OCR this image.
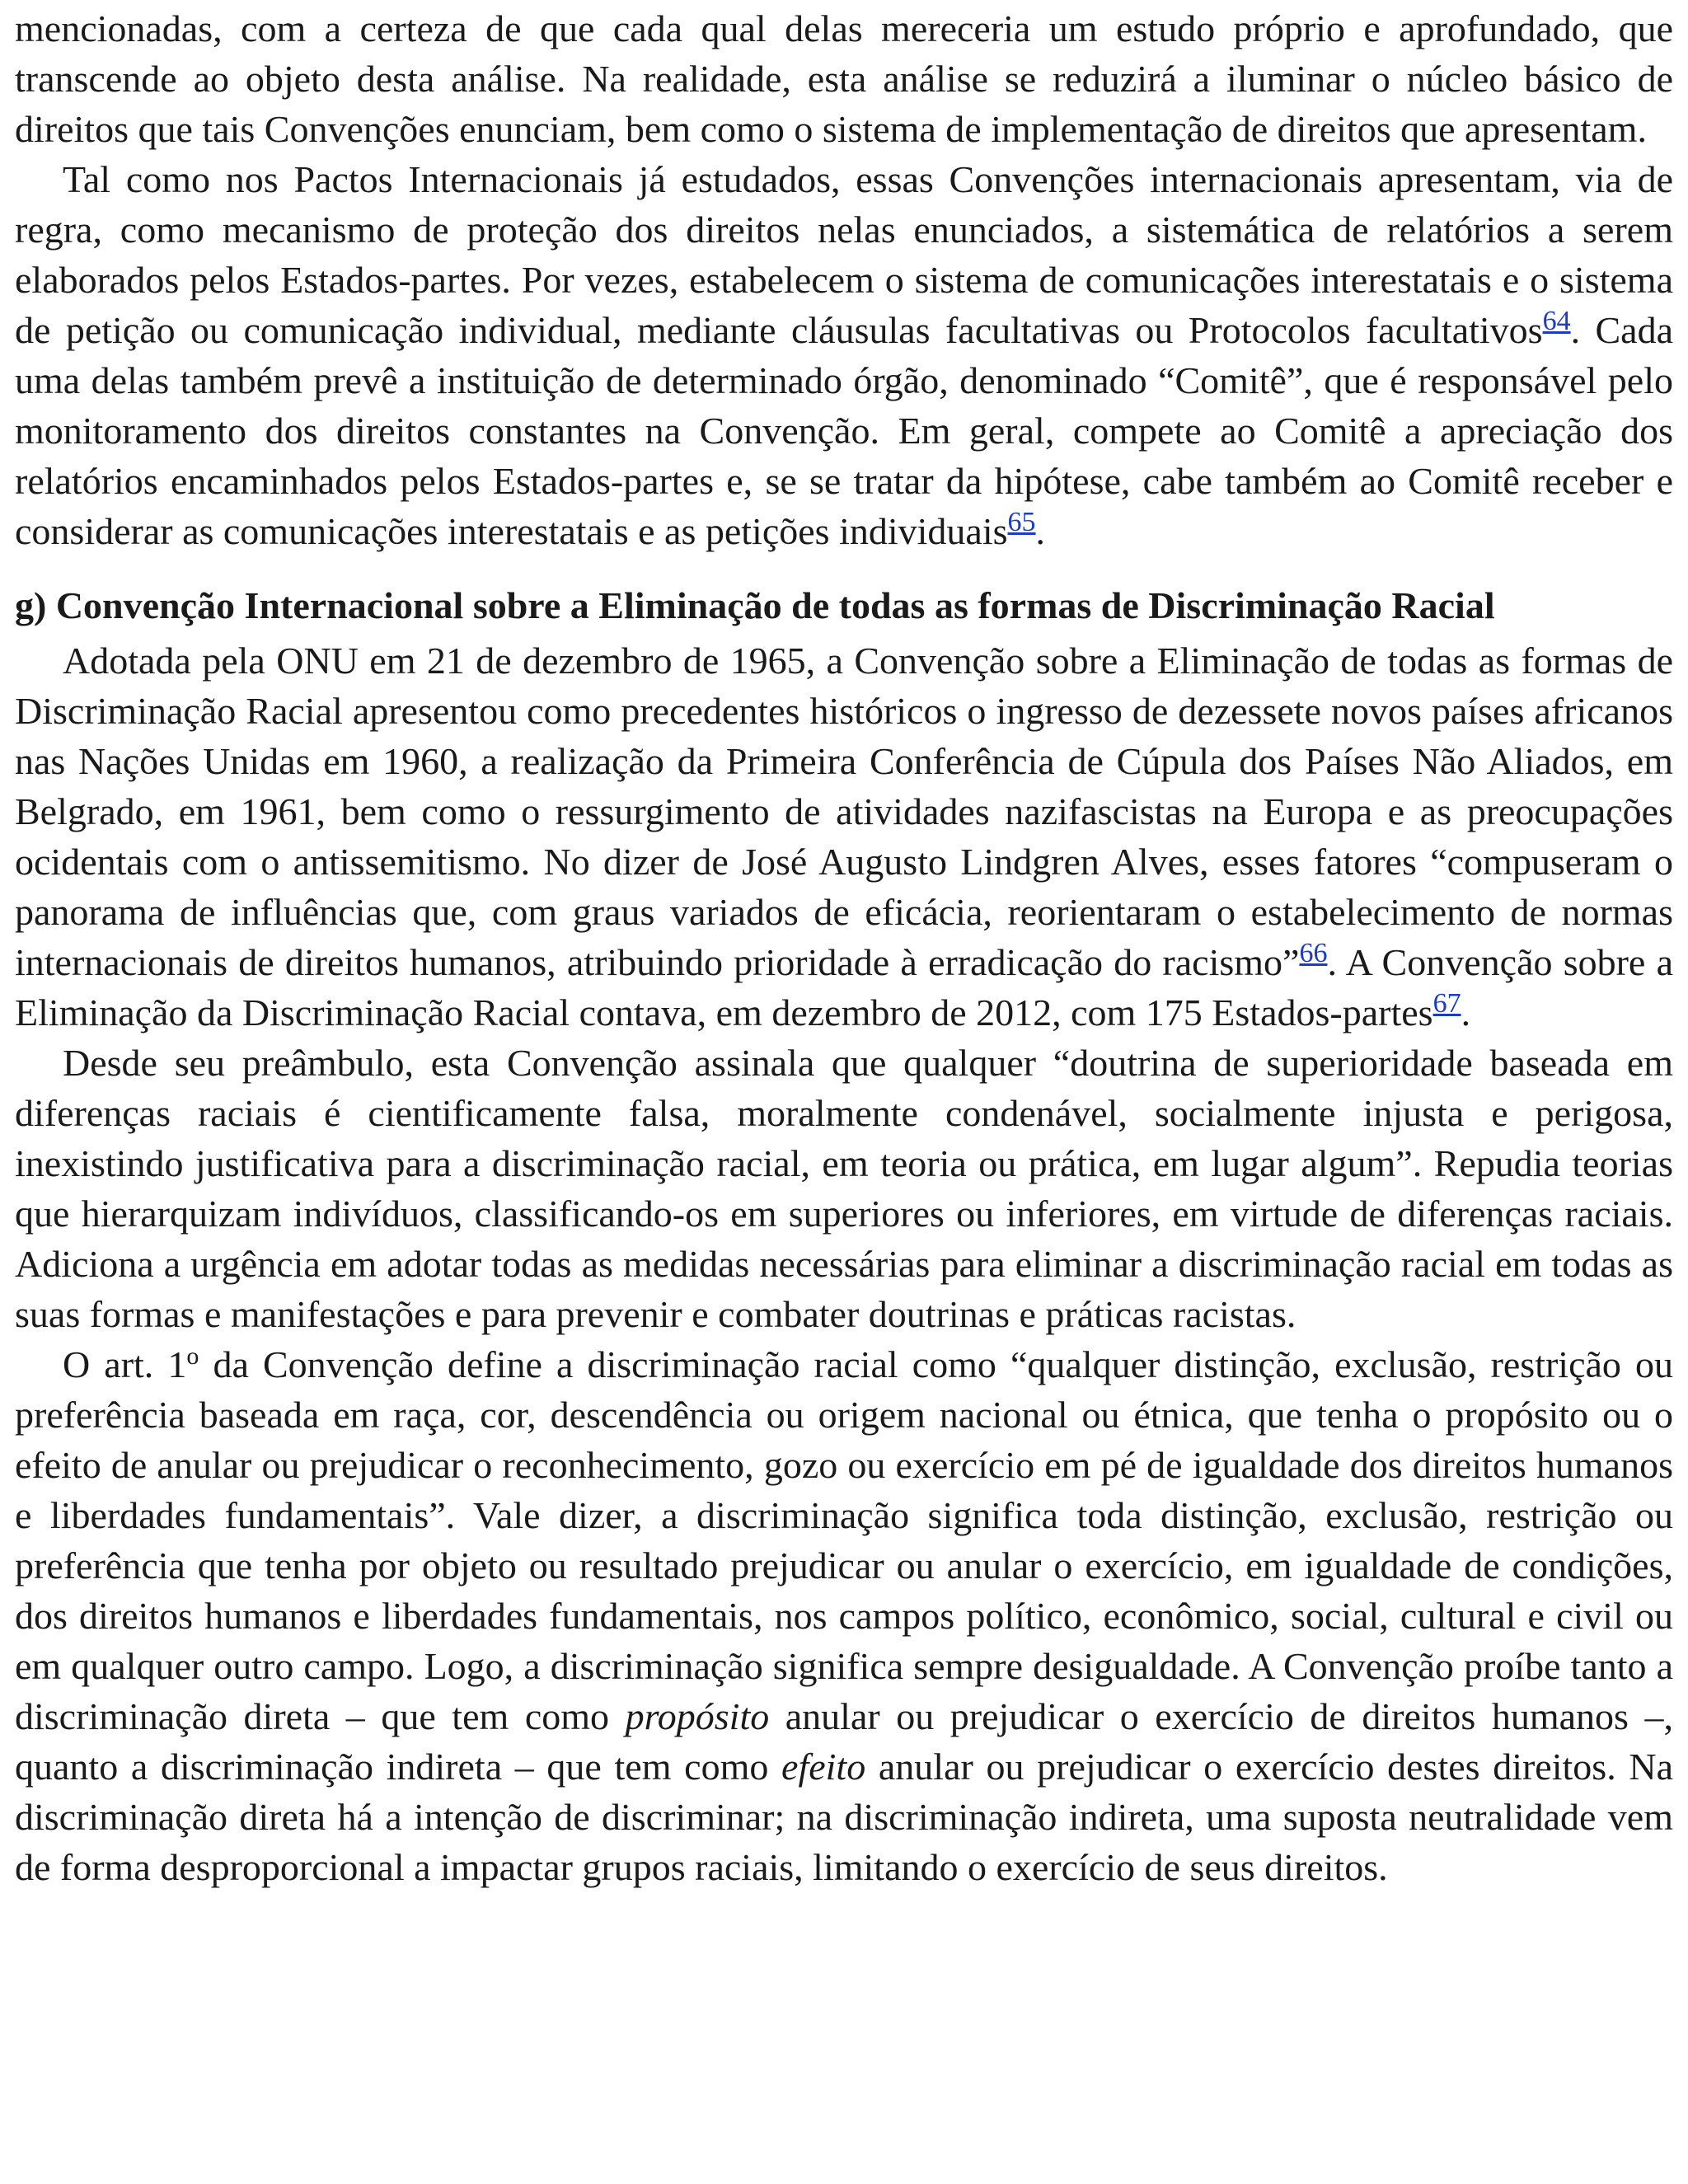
mencionadas, com a certeza de que cada qual delas mereceria um estudo próprio e aprofundado, que transcende ao objeto desta análise. Na realidade, esta análise se reduzirá a iluminar o núcleo básico de direitos que tais Convenções enunciam, bem como o sistema de implementação de direitos que apresentam.

Tal como nos Pactos Internacionais já estudados, essas Convenções internacionais apresentam, via de regra, como mecanismo de proteção dos direitos nelas enunciados, a sistemática de relatórios a serem elaborados pelos Estados-partes. Por vezes, estabelecem o sistema de comunicações interestatais e o sistema de petição ou comunicação individual, mediante cláusulas facultativas ou Protocolos facultativos$^{64}$. Cada uma delas também prevê a instituição de determinado órgão, denominado “Comitê”, que é responsável pelo monitoramento dos direitos constantes na Convenção. Em geral, compete ao Comitê a apreciação dos relatórios encaminhados pelos Estados-partes e, se se tratar da hipótese, cabe também ao Comitê receber e considerar as comunicações interestatais e as petições individuais$^{65}$.

g) Convenção Internacional sobre a Eliminação de todas as formas de Discriminação Racial

Adotada pela ONU em 21 de dezembro de 1965, a Convenção sobre a Eliminação de todas as formas de Discriminação Racial apresentou como precedentes históricos o ingresso de dezessete novos países africanos nas Nações Unidas em 1960, a realização da Primeira Conferência de Cúpula dos Países Não Aliados, em Belgrado, em 1961, bem como o ressurgimento de atividades nazifascistas na Europa e as preocupações ocidentais com o antissemitismo. No dizer de José Augusto Lindgren Alves, esses fatores “compuseram o panorama de influências que, com graus variados de eficácia, reorientaram o estabelecimento de normas internacionais de direitos humanos, atribuindo prioridade à erradicação do racismo”$^{66}$. A Convenção sobre a Eliminação da Discriminação Racial contava, em dezembro de 2012, com 175 Estados-partes$^{67}$.

Desde seu preâmbulo, esta Convenção assinala que qualquer “doutrina de superioridade baseada em diferenças raciais é cientificamente falsa, moralmente condenável, socialmente injusta e perigosa, inexistindo justificativa para a discriminação racial, em teoria ou prática, em lugar algum”. Repudia teorias que hierarquizam indivíduos, classificando-os em superiores ou inferiores, em virtude de diferenças raciais. Adiciona a urgência em adotar todas as medidas necessárias para eliminar a discriminação racial em todas as suas formas e manifestações e para prevenir e combater doutrinas e práticas racistas.

O art. 1$^o$ da Convenção define a discriminação racial como “qualquer distinção, exclusão, restrição ou preferência baseada em raça, cor, descendência ou origem nacional ou étnica, que tenha o propósito ou o efeito de anular ou prejudicar o reconhecimento, gozo ou exercício em pé de igualdade dos direitos humanos e liberdades fundamentais”. Vale dizer, a discriminação significa toda distinção, exclusão, restrição ou preferência que tenha por objeto ou resultado prejudicar ou anular o exercício, em igualdade de condições, dos direitos humanos e liberdades fundamentais, nos campos político, econômico, social, cultural e civil ou em qualquer outro campo. Logo, a discriminação significa sempre desigualdade. A Convenção proíbe tanto a discriminação direta – que tem como propósito anular ou prejudicar o exercício de direitos humanos –, quanto a discriminação indireta – que tem como efeito anular ou prejudicar o exercício destes direitos. Na discriminação direta há a intenção de discriminar; na discriminação indireta, uma suposta neutralidade vem de forma desproporcional a impactar grupos raciais, limitando o exercício de seus direitos.
